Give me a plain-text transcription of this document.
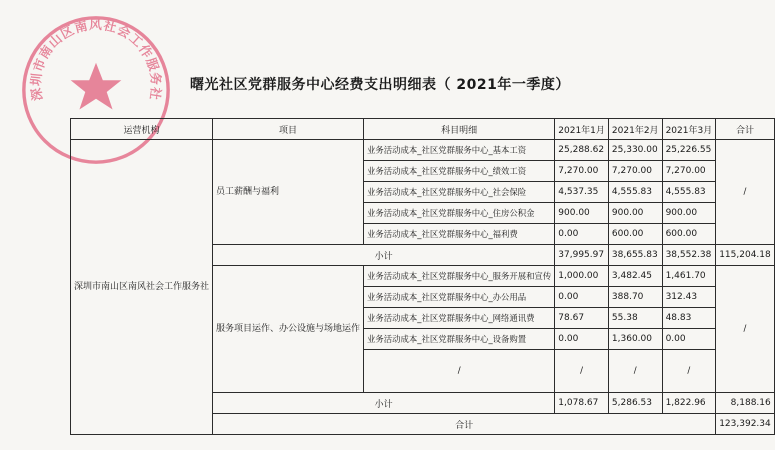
深圳市南山区南风社会工作服务社
曙光社区党群服务中心经费支出明细表（ 2021年一季度）
运营机构	项目	科目明细	2021年1月	2021年2月	2021年3月	合计
深圳市南山区南风社会工作服务社	员工薪酬与福利	业务活动成本_社区党群服务中心_基本工资	25,288.62	25,330.00	25,226.55	/
		业务活动成本_社区党群服务中心_绩效工资	7,270.00	7,270.00	7,270.00	
		业务活动成本_社区党群服务中心_社会保险	4,537.35	4,555.83	4,555.83	
		业务活动成本_社区党群服务中心_住房公积金	900.00	900.00	900.00	
		业务活动成本_社区党群服务中心_福利费	0.00	600.00	600.00	
	小计		37,995.97	38,655.83	38,552.38	115,204.18
	服务项目运作、办公设施与场地运作	业务活动成本_社区党群服务中心_服务开展和宣传	1,000.00	3,482.45	1,461.70	/
		业务活动成本_社区党群服务中心_办公用品	0.00	388.70	312.43	
		业务活动成本_社区党群服务中心_网络通讯费	78.67	55.38	48.83	
		业务活动成本_社区党群服务中心_设备购置	0.00	1,360.00	0.00	
		/	/	/	/	
	小计		1,078.67	5,286.53	1,822.96	8,188.16
	合计					123,392.34
